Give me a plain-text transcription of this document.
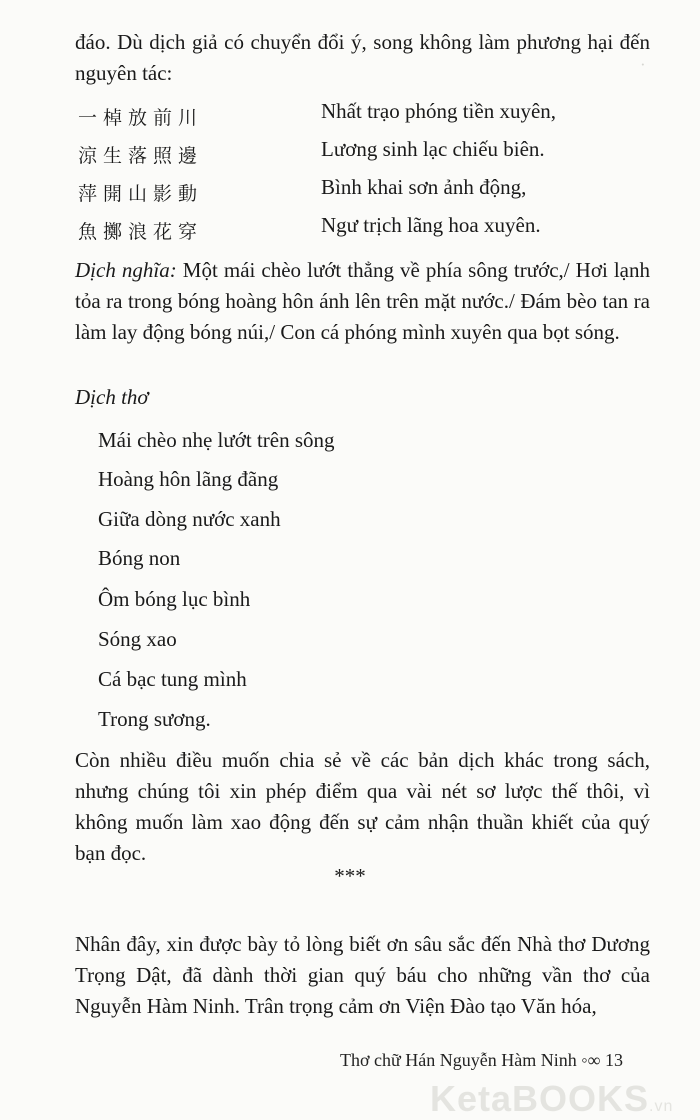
·

đáo. Dù dịch giả có chuyển đổi ý, song không làm phương hại đến nguyên tác:

一棹放前川	Nhất trạo phóng tiền xuyên,
涼生落照邊	Lương sinh lạc chiếu biên.
萍開山影動	Bình khai sơn ảnh động,
魚擲浪花穿	Ngư trịch lãng hoa xuyên.

Dịch nghĩa: Một mái chèo lướt thẳng về phía sông trước,/ Hơi lạnh tỏa ra trong bóng hoàng hôn ánh lên trên mặt nước./ Đám bèo tan ra làm lay động bóng núi,/ Con cá phóng mình xuyên qua bọt sóng.

Dịch thơ
Mái chèo nhẹ lướt trên sông
Hoàng hôn lãng đãng
Giữa dòng nước xanh
Bóng non
Ôm bóng lục bình
Sóng xao
Cá bạc tung mình
Trong sương.

Còn nhiều điều muốn chia sẻ về các bản dịch khác trong sách, nhưng chúng tôi xin phép điểm qua vài nét sơ lược thế thôi, vì không muốn làm xao động đến sự cảm nhận thuần khiết của quý bạn đọc.

***

Nhân đây, xin được bày tỏ lòng biết ơn sâu sắc đến Nhà thơ Dương Trọng Dật, đã dành thời gian quý báu cho những vần thơ của Nguyễn Hàm Ninh. Trân trọng cảm ơn Viện Đào tạo Văn hóa,

Thơ chữ Hán Nguyễn Hàm Ninh ◦∞ 13
KetaBOOKS.vn
